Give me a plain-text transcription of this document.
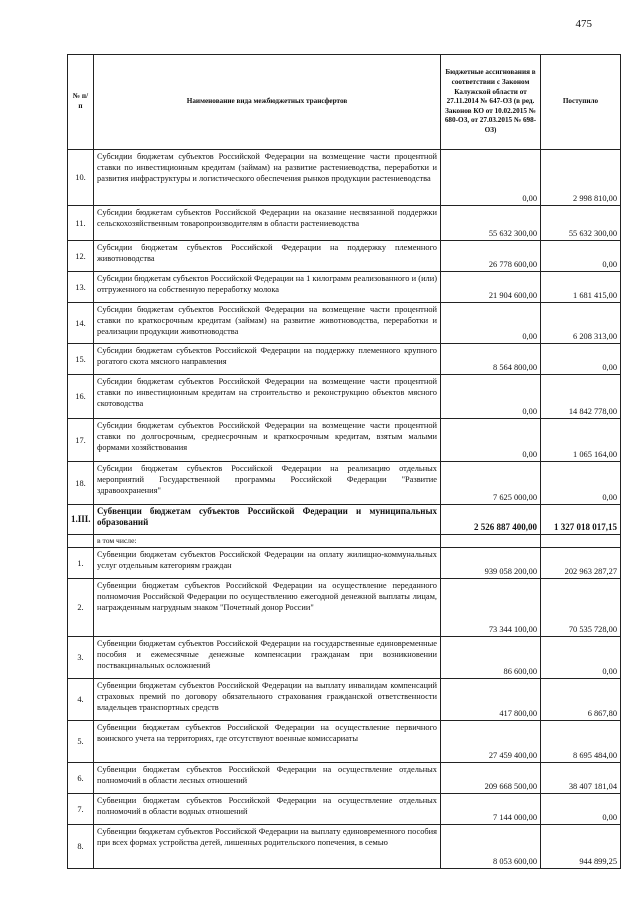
475
№ п/п	Наименование вида межбюджетных трансфертов	Бюджетные ассигнования в соответствии с Законом Калужской области от 27.11.2014 № 647-ОЗ (в ред. Законов КО от 10.02.2015 № 680-ОЗ, от 27.03.2015 № 698-ОЗ)	Поступило
10.	Субсидии бюджетам субъектов Российской Федерации на возмещение части процентной ставки по инвестиционным кредитам (займам) на развитие растениеводства, переработки и развития инфраструктуры и логистического обеспечения рынков продукции растениеводства	0,00	2 998 810,00
11.	Субсидии бюджетам субъектов Российской Федерации на оказание несвязанной поддержки сельскохозяйственным товаропроизводителям в области растениеводства	55 632 300,00	55 632 300,00
12.	Субсидии бюджетам субъектов Российской Федерации на поддержку племенного животноводства	26 778 600,00	0,00
13.	Субсидии бюджетам субъектов Российской Федерации на 1 килограмм реализованного и (или) отгруженного на собственную переработку молока	21 904 600,00	1 681 415,00
14.	Субсидии бюджетам субъектов Российской Федерации на возмещение части процентной ставки по краткосрочным кредитам (займам) на развитие животноводства, переработки и реализации продукции животноводства	0,00	6 208 313,00
15.	Субсидии бюджетам субъектов Российской Федерации на поддержку племенного крупного рогатого скота мясного направления	8 564 800,00	0,00
16.	Субсидии бюджетам субъектов Российской Федерации на возмещение части процентной ставки по инвестиционным кредитам на строительство и реконструкцию объектов мясного скотоводства	0,00	14 842 778,00
17.	Субсидии бюджетам субъектов Российской Федерации на возмещение части процентной ставки по долгосрочным, среднесрочным и краткосрочным кредитам, взятым малыми формами хозяйствования	0,00	1 065 164,00
18.	Субсидии бюджетам субъектов Российской Федерации на реализацию отдельных мероприятий Государственной программы Российской Федерации "Развитие здравоохранения"	7 625 000,00	0,00
1.III.	Субвенции бюджетам субъектов Российской Федерации и муниципальных образований	2 526 887 400,00	1 327 018 017,15
	в том числе:		
1.	Субвенции бюджетам субъектов Российской Федерации на оплату жилищно-коммунальных услуг отдельным категориям граждан	939 058 200,00	202 963 287,27
2.	Субвенции бюджетам субъектов Российской Федерации на осуществление переданного полномочия Российской Федерации по осуществлению ежегодной денежной выплаты лицам, награжденным нагрудным знаком "Почетный донор России"	73 344 100,00	70 535 728,00
3.	Субвенции бюджетам субъектов Российской Федерации на государственные единовременные пособия и ежемесячные денежные компенсации гражданам при возникновении поствакцинальных осложнений	86 600,00	0,00
4.	Субвенции бюджетам субъектов Российской Федерации на выплату инвалидам компенсаций страховых премий по договору обязательного страхования гражданской ответственности владельцев транспортных средств	417 800,00	6 867,80
5.	Субвенции бюджетам субъектов Российской Федерации на осуществление первичного воинского учета на территориях, где отсутствуют военные комиссариаты	27 459 400,00	8 695 484,00
6.	Субвенции бюджетам субъектов Российской Федерации на осуществление отдельных полномочий в области лесных отношений	209 668 500,00	38 407 181,04
7.	Субвенции бюджетам субъектов Российской Федерации на осуществление отдельных полномочий в области водных отношений	7 144 000,00	0,00
8.	Субвенции бюджетам субъектов Российской Федерации на выплату единовременного пособия при всех формах устройства детей, лишенных родительского попечения, в семью	8 053 600,00	944 899,25
